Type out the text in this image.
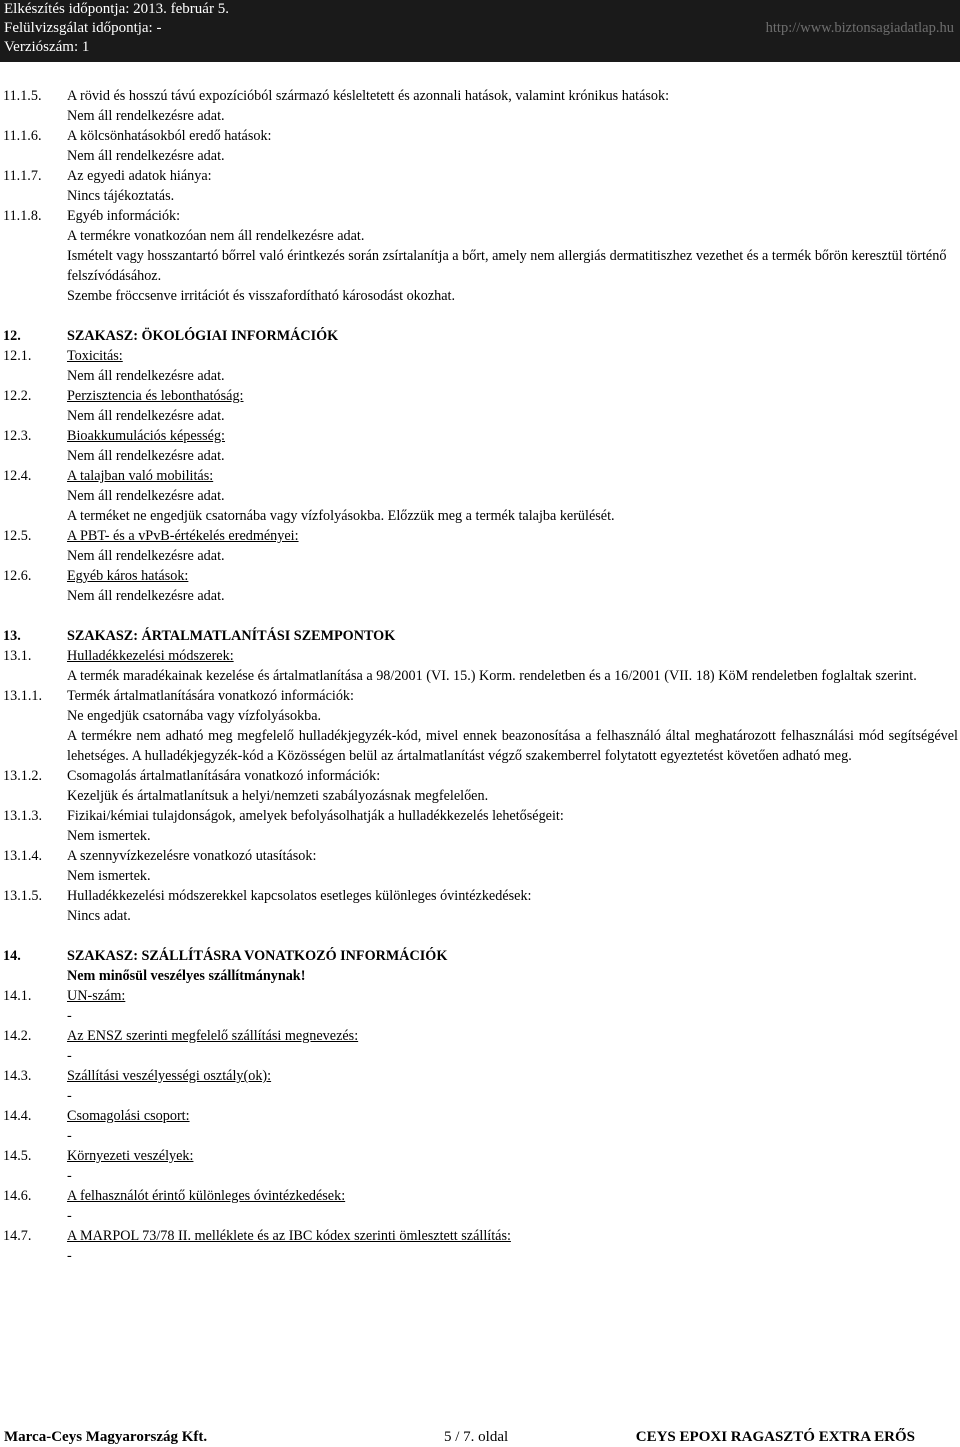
Elkészítés időpontja: 2013. február 5.
Felülvizsgálat időpontja: -
Verziószám: 1
http://www.biztonsagiadatlap.hu
11.1.5. A rövid és hosszú távú expozícióból származó késleltetett és azonnali hatások, valamint krónikus hatások:
Nem áll rendelkezésre adat.
11.1.6. A kölcsönhatásokból eredő hatások:
Nem áll rendelkezésre adat.
11.1.7. Az egyedi adatok hiánya:
Nincs tájékoztatás.
11.1.8. Egyéb információk:
A termékre vonatkozóan nem áll rendelkezésre adat.
Ismételt vagy hosszantartó bőrrel való érintkezés során zsírtalanítja a bőrt, amely nem allergiás dermatitiszhez vezethet és a termék bőrön keresztül történő felszívódásához.
Szembe fröccsenve irritációt és visszafordítható károsodást okozhat.
12.	SZAKASZ: ÖKOLÓGIAI INFORMÁCIÓK
12.1.	Toxicitás:
Nem áll rendelkezésre adat.
12.2.	Perzisztencia és lebonthatóság:
Nem áll rendelkezésre adat.
12.3.	Bioakkumulációs képesség:
Nem áll rendelkezésre adat.
12.4.	A talajban való mobilitás:
Nem áll rendelkezésre adat.
A terméket ne engedjük csatornába vagy vízfolyásokba. Előzzük meg a termék talajba kerülését.
12.5.	A PBT- és a vPvB-értékelés eredményei:
Nem áll rendelkezésre adat.
12.6.	Egyéb káros hatások:
Nem áll rendelkezésre adat.
13.	SZAKASZ: ÁRTALMATLANÍTÁSI SZEMPONTOK
13.1.	Hulladékkezelési módszerek:
A termék maradékainak kezelése és ártalmatlanítása a 98/2001 (VI. 15.) Korm. rendeletben és a 16/2001 (VII. 18) KöM rendeletben foglaltak szerint.
13.1.1. Termék ártalmatlanítására vonatkozó információk:
Ne engedjük csatornába vagy vízfolyásokba.
A termékre nem adható meg megfelelő hulladékjegyzék-kód, mivel ennek beazonosítása a felhasználó által meghatározott felhasználási mód segítségével lehetséges. A hulladékjegyzék-kód a Közösségen belül az ártalmatlanítást végző szakemberrel folytatott egyeztetést követően adható meg.
13.1.2. Csomagolás ártalmatlanítására vonatkozó információk:
Kezeljük és ártalmatlanítsuk a helyi/nemzeti szabályozásnak megfelelően.
13.1.3. Fizikai/kémiai tulajdonságok, amelyek befolyásolhatják a hulladékkezelés lehetőségeit:
Nem ismertek.
13.1.4. A szennyvízkezelésre vonatkozó utasítások:
Nem ismertek.
13.1.5. Hulladékkezelési módszerekkel kapcsolatos esetleges különleges óvintézkedések:
Nincs adat.
14.	SZAKASZ: SZÁLLÍTÁSRA VONATKOZÓ INFORMÁCIÓK
Nem minősül veszélyes szállítmánynak!
14.1.	UN-szám:
-
14.2.	Az ENSZ szerinti megfelelő szállítási megnevezés:
-
14.3.	Szállítási veszélyességi osztály(ok):
-
14.4.	Csomagolási csoport:
-
14.5.	Környezeti veszélyek:
-
14.6.	A felhasználót érintő különleges óvintézkedések:
-
14.7.	A MARPOL 73/78 II. melléklete és az IBC kódex szerinti ömlesztett szállítás:
-
Marca-Ceys Magyarország Kft.	5 / 7. oldal	CEYS EPOXI RAGASZTÓ EXTRA ERŐS
